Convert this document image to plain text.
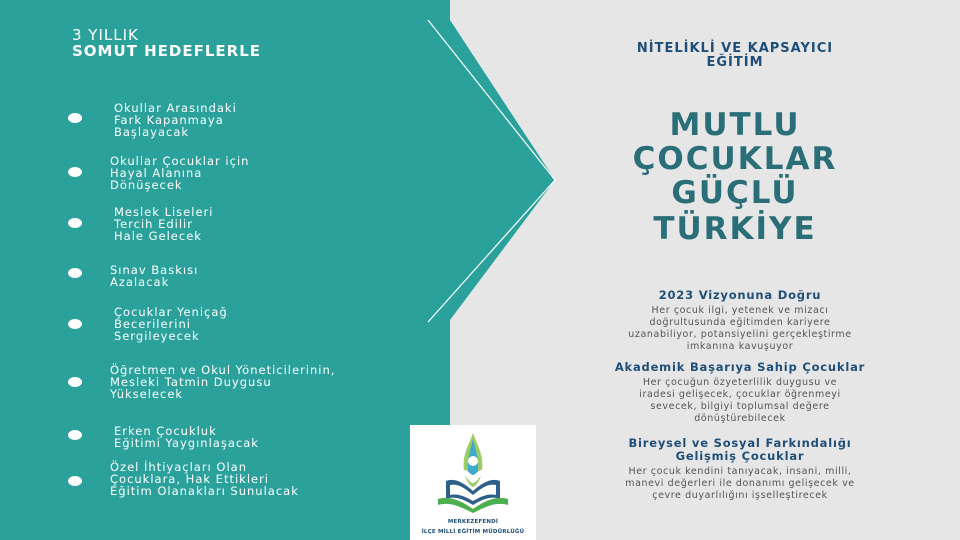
3 YILLIK
SOMUT HEDEFLERLE
Okullar Arasındaki
Fark Kapanmaya
Başlayacak
Okullar Çocuklar için
Hayal Alanına
Dönüşecek
Meslek Liseleri
Tercih Edilir
Hale Gelecek
Sınav Baskısı
Azalacak
Çocuklar Yeniçağ
Becerilerini
Sergileyecek
Öğretmen ve Okul Yöneticilerinin,
Mesleki Tatmin Duygusu
Yükselecek
Erken Çocukluk
Eğitimi Yaygınlaşacak
Özel İhtiyaçları Olan
Çocuklara, Hak Ettikleri
Eğitim Olanakları Sunulacak
NİTELİKLİ VE KAPSAYICI
EĞİTİM
MUTLU
ÇOCUKLAR
GÜÇLÜ
TÜRKİYE
2023 Vizyonuna Doğru
Her çocuk ilgi, yetenek ve mizacı
doğrultusunda eğitimden kariyere
uzanabiliyor, potansiyelini gerçekleştirme
imkanına kavuşuyor
Akademik Başarıya Sahip Çocuklar
Her çocuğun özyeterlilik duygusu ve
iradesi gelişecek, çocuklar öğrenmeyi
sevecek, bilgiyi toplumsal değere
dönüştürebilecek
Bireysel ve Sosyal Farkındalığı
Gelişmiş Çocuklar
Her çocuk kendini tanıyacak, insani, milli,
manevi değerleri ile donanımı gelişecek ve
çevre duyarlılığını işselleştirecek
MERKEZEFENDİ
İLÇE MİLLİ EĞİTİM MÜDÜRLÜĞÜ
